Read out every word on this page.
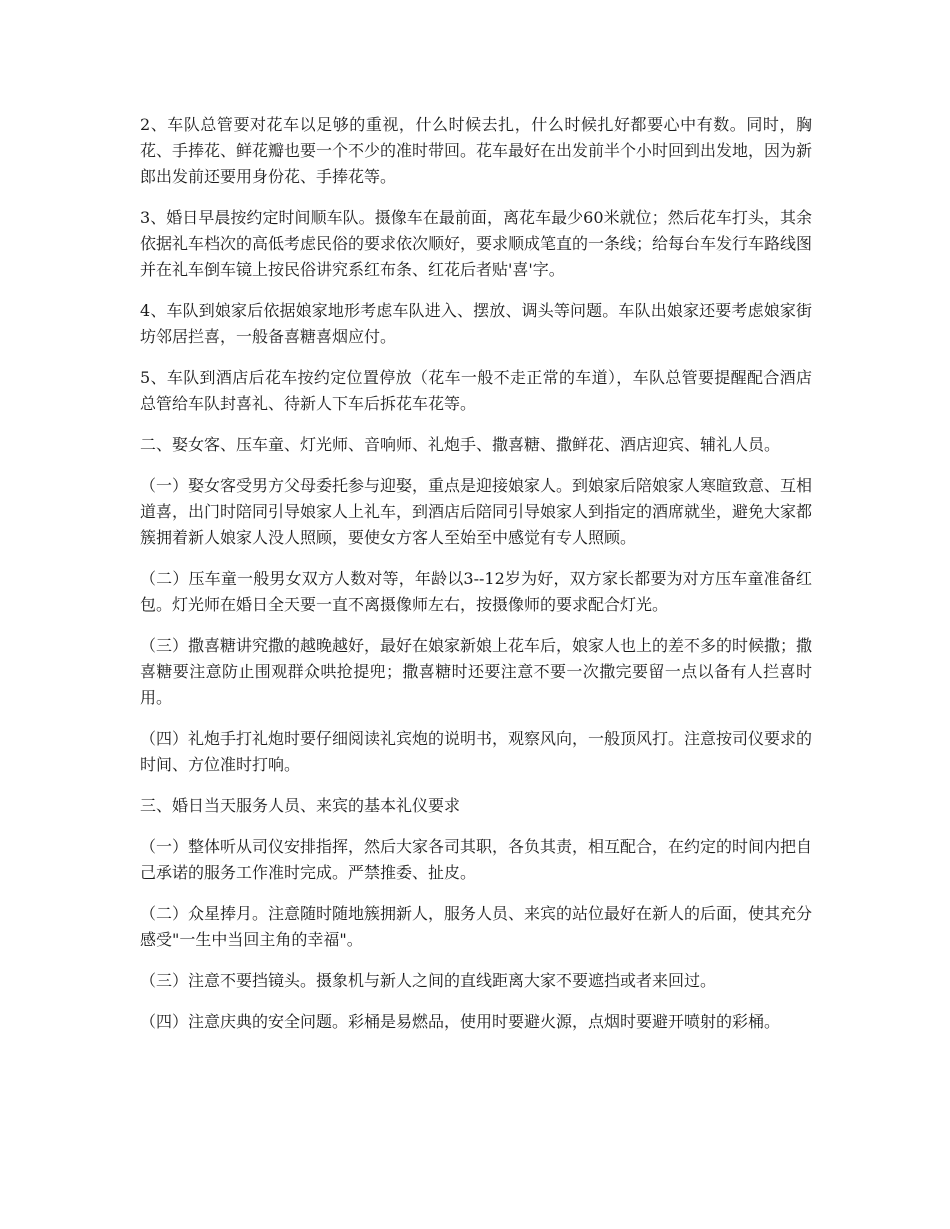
2、车队总管要对花车以足够的重视，什么时候去扎，什么时候扎好都要心中有数。同时，胸花、手捧花、鲜花瓣也要一个不少的准时带回。花车最好在出发前半个小时回到出发地，因为新郎出发前还要用身份花、手捧花等。

3、婚日早晨按约定时间顺车队。摄像车在最前面，离花车最少60米就位；然后花车打头，其余依据礼车档次的高低考虑民俗的要求依次顺好，要求顺成笔直的一条线；给每台车发行车路线图并在礼车倒车镜上按民俗讲究系红布条、红花后者贴'喜'字。

4、车队到娘家后依据娘家地形考虑车队进入、摆放、调头等问题。车队出娘家还要考虑娘家街坊邻居拦喜，一般备喜糖喜烟应付。

5、车队到酒店后花车按约定位置停放（花车一般不走正常的车道），车队总管要提醒配合酒店总管给车队封喜礼、待新人下车后拆花车花等。

二、娶女客、压车童、灯光师、音响师、礼炮手、撒喜糖、撒鲜花、酒店迎宾、辅礼人员。

（一）娶女客受男方父母委托参与迎娶，重点是迎接娘家人。到娘家后陪娘家人寒暄致意、互相道喜，出门时陪同引导娘家人上礼车，到酒店后陪同引导娘家人到指定的酒席就坐，避免大家都簇拥着新人娘家人没人照顾，要使女方客人至始至中感觉有专人照顾。

（二）压车童一般男女双方人数对等，年龄以3--12岁为好，双方家长都要为对方压车童准备红包。灯光师在婚日全天要一直不离摄像师左右，按摄像师的要求配合灯光。

（三）撒喜糖讲究撒的越晚越好，最好在娘家新娘上花车后，娘家人也上的差不多的时候撒；撒喜糖要注意防止围观群众哄抢提兜；撒喜糖时还要注意不要一次撒完要留一点以备有人拦喜时用。

（四）礼炮手打礼炮时要仔细阅读礼宾炮的说明书，观察风向，一般顶风打。注意按司仪要求的时间、方位准时打响。

三、婚日当天服务人员、来宾的基本礼仪要求

（一）整体听从司仪安排指挥，然后大家各司其职，各负其责，相互配合，在约定的时间内把自己承诺的服务工作准时完成。严禁推委、扯皮。

（二）众星捧月。注意随时随地簇拥新人，服务人员、来宾的站位最好在新人的后面，使其充分感受"一生中当回主角的幸福"。

（三）注意不要挡镜头。摄象机与新人之间的直线距离大家不要遮挡或者来回过。

（四）注意庆典的安全问题。彩桶是易燃品，使用时要避火源，点烟时要避开喷射的彩桶。
